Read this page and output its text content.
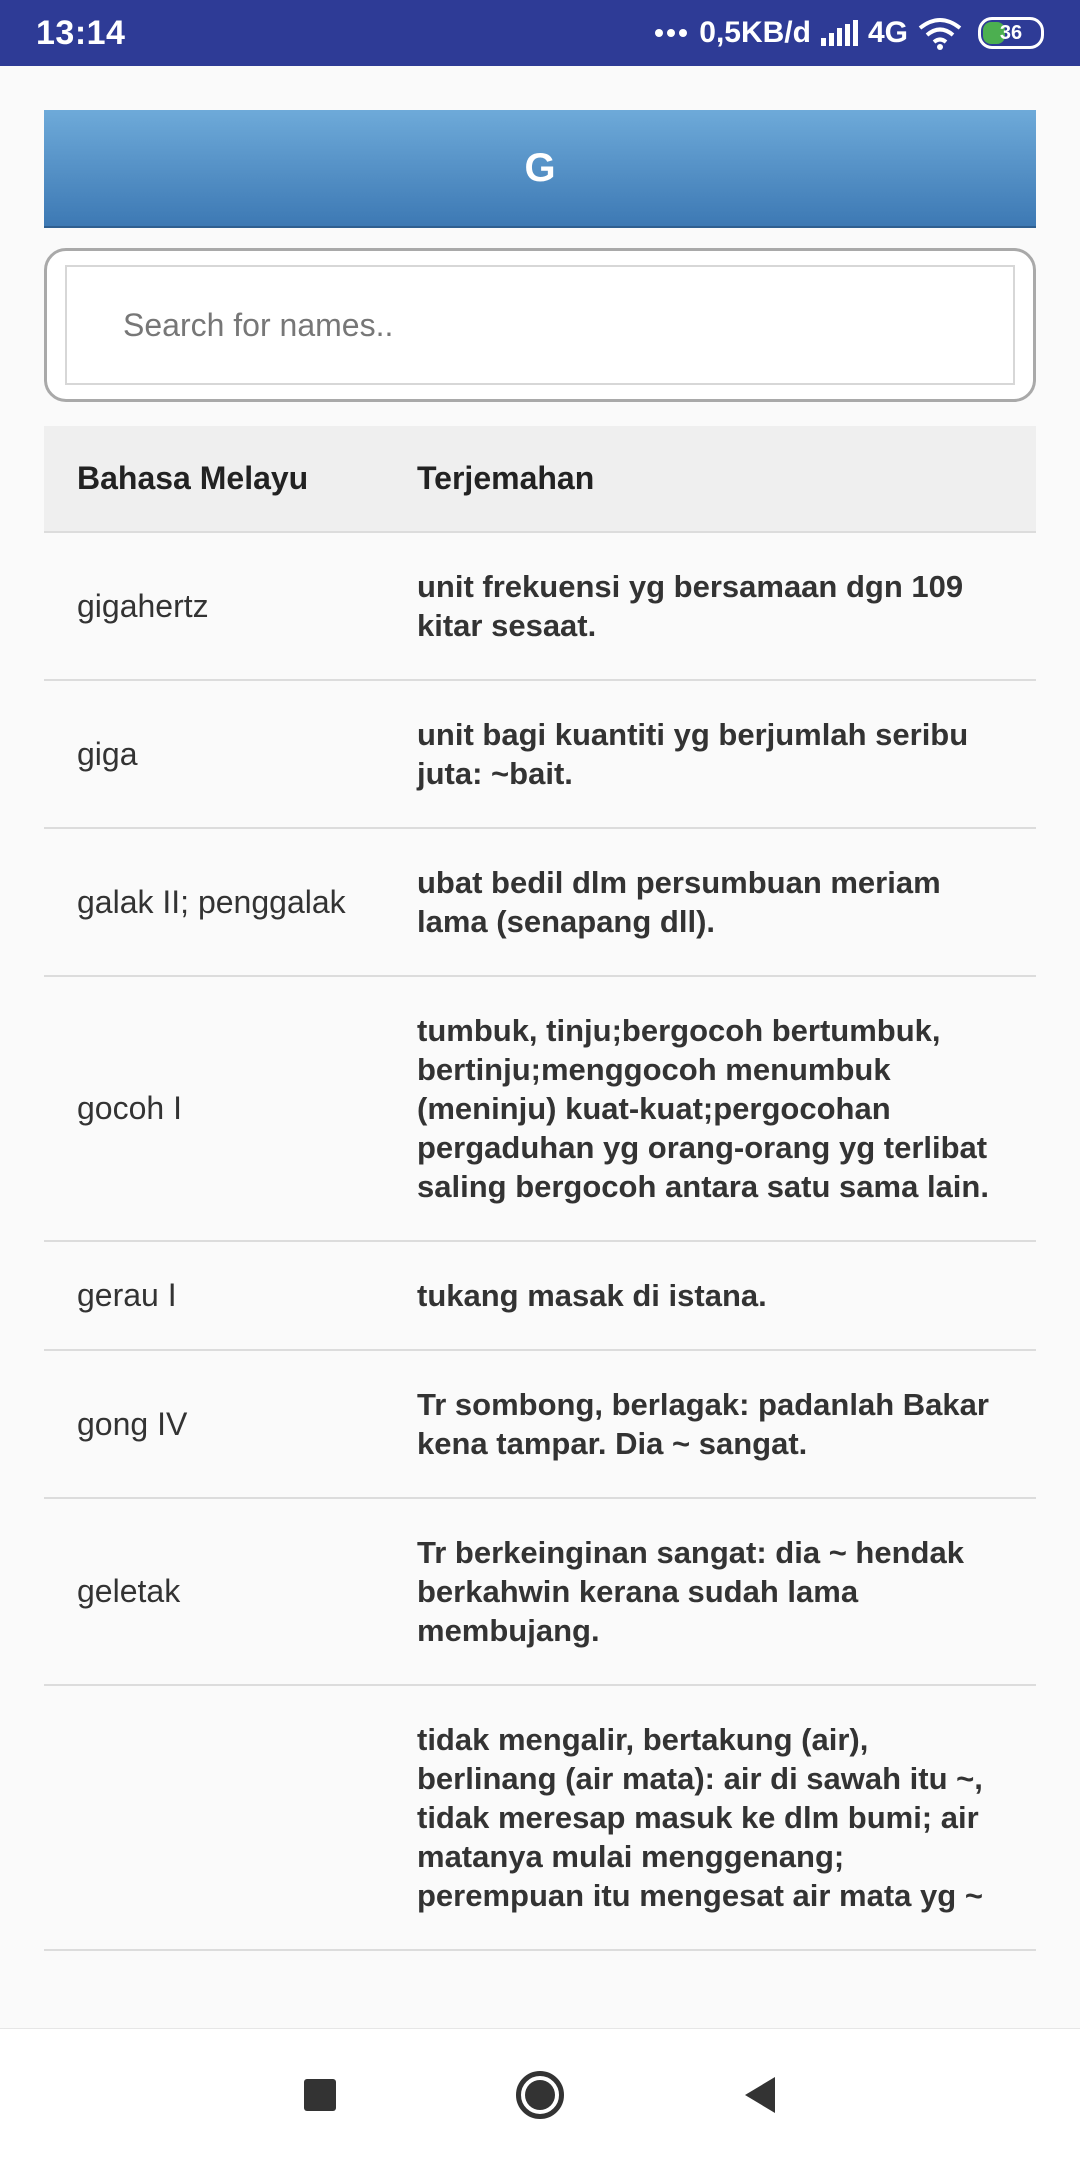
13:14	0,5KB/d 4G	36
G
Search for names..
Bahasa Melayu	Terjemahan
gigahertz	unit frekuensi yg bersamaan dgn 109 kitar sesaat.
giga	unit bagi kuantiti yg berjumlah seribu juta: ~bait.
galak II; penggalak	ubat bedil dlm persumbuan meriam lama (senapang dll).
gocoh I	tumbuk, tinju;bergocoh bertumbuk, bertinju;menggocoh menumbuk (meninju) kuat-kuat;pergocohan pergaduhan yg orang-orang yg terlibat saling bergocoh antara satu sama lain.
gerau I	tukang masak di istana.
gong IV	Tr sombong, berlagak: padanlah Bakar kena tampar. Dia ~ sangat.
geletak	Tr berkeinginan sangat: dia ~ hendak berkahwin kerana sudah lama membujang.
	tidak mengalir, bertakung (air), berlinang (air mata): air di sawah itu ~, tidak meresap masuk ke dlm bumi; air matanya mulai menggenang; perempuan itu mengesat air mata yg ~
